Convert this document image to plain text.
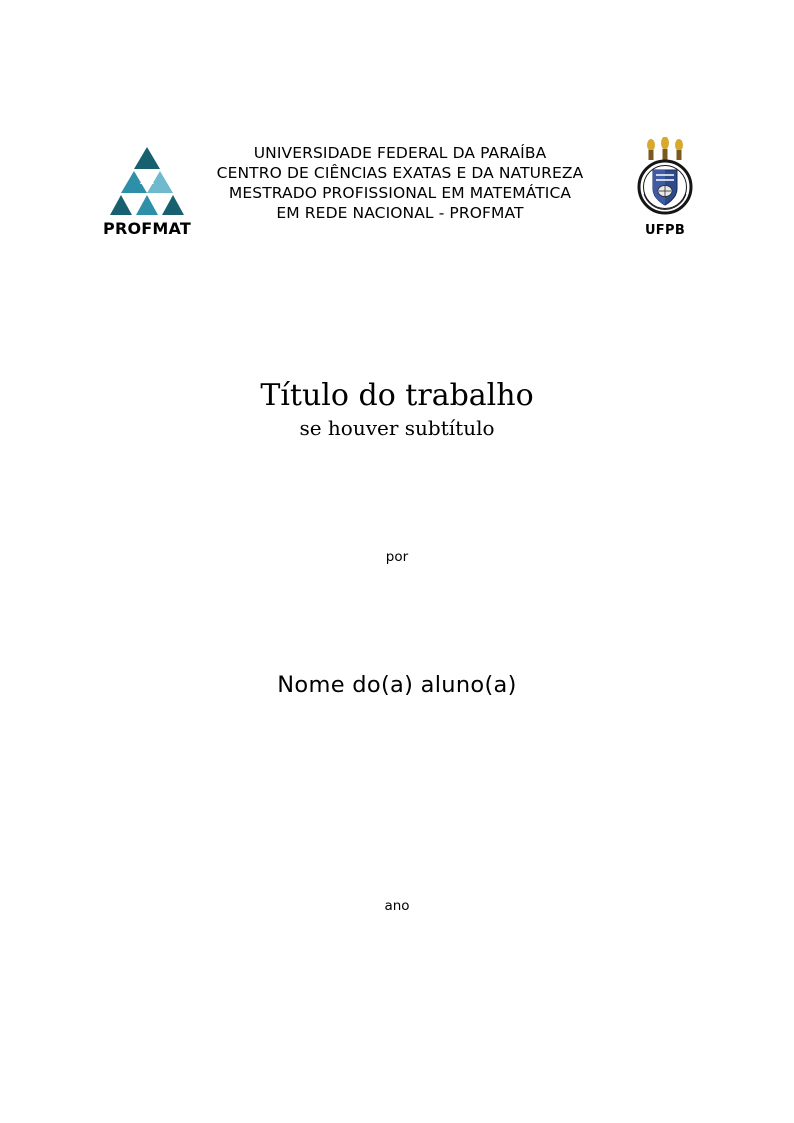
PROFMAT
UNIVERSIDADE FEDERAL DA PARAÍBA
CENTRO DE CIÊNCIAS EXATAS E DA NATUREZA
MESTRADO PROFISSIONAL EM MATEMÁTICA
EM REDE NACIONAL - PROFMAT
UFPB
Título do trabalho
se houver subtítulo
por
Nome do(a) aluno(a)
ano
